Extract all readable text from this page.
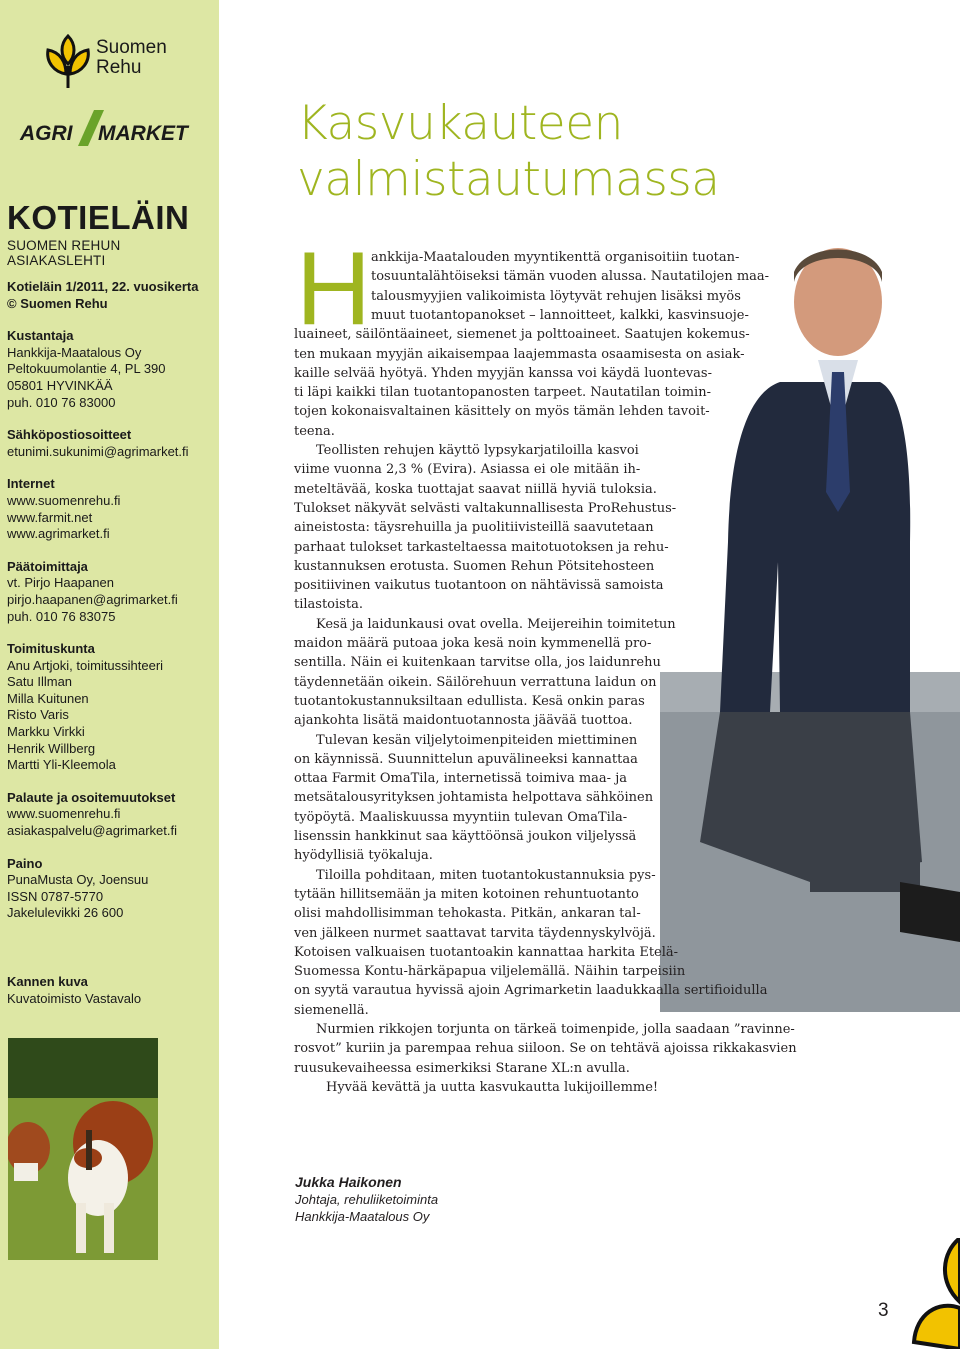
Suomen
Rehu
AGRI MARKET
KOTIELÄIN
SUOMEN REHUN ASIAKASLEHTI
Kotieläin 1/2011, 22. vuosikerta
© Suomen Rehu
Kustantaja
Hankkija-Maatalous Oy
Peltokuumolantie 4, PL 390
05801 HYVINKÄÄ
puh. 010 76 83000
Sähköpostiosoitteet
etunimi.sukunimi@agrimarket.fi
Internet
www.suomenrehu.fi
www.farmit.net
www.agrimarket.fi
Päätoimittaja
vt. Pirjo Haapanen
pirjo.haapanen@agrimarket.fi
puh. 010 76 83075
Toimituskunta
Anu Artjoki, toimitussihteeri
Satu Illman
Milla Kuitunen
Risto Varis
Markku Virkki
Henrik Willberg
Martti Yli-Kleemola
Palaute ja osoitemuutokset
www.suomenrehu.fi
asiakaspalvelu@agrimarket.fi
Paino
PunaMusta Oy, Joensuu
ISSN 0787-5770
Jakelulevikki 26 600
Kannen kuva
Kuvatoimisto Vastavalo
Kasvukauteen
valmistautumassa
H ankkija-Maatalouden myyntikenttä organisoitiin tuotan-
tosuuntalähtöiseksi tämän vuoden alussa. Nautatilojen maa-
talousmyyjien valikoimista löytyvät rehujen lisäksi myös
muut tuotantopanokset – lannoitteet, kalkki, kasvinsuoje-
luaineet, säilöntäaineet, siemenet ja polttoaineet. Saatujen kokemus-
ten mukaan myyjän aikaisempaa laajemmasta osaamisesta on asiak-
kaille selvää hyötyä. Yhden myyjän kanssa voi käydä luontevas-
ti läpi kaikki tilan tuotantopanosten tarpeet. Nautatilan toimin-
tojen kokonaisvaltainen käsittely on myös tämän lehden tavoit-
teena.
Teollisten rehujen käyttö lypsykarjatiloilla kasvoi
viime vuonna 2,3 % (Evira). Asiassa ei ole mitään ih-
meteltävää, koska tuottajat saavat niillä hyviä tuloksia.
Tulokset näkyvät selvästi valtakunnallisesta ProRehustus-
aineistosta: täysrehuilla ja puolitiivisteillä saavutetaan
parhaat tulokset tarkasteltaessa maitotuotoksen ja rehu-
kustannuksen erotusta. Suomen Rehun Pötsitehosteen
positiivinen vaikutus tuotantoon on nähtävissä samoista
tilastoista.
Kesä ja laidunkausi ovat ovella. Meijereihin toimitetun
maidon määrä putoaa joka kesä noin kymmenellä pro-
sentilla. Näin ei kuitenkaan tarvitse olla, jos laidunrehu
täydennetään oikein. Säilörehuun verrattuna laidun on
tuotantokustannuksiltaan edullista. Kesä onkin paras
ajankohta lisätä maidontuotannosta jäävää tuottoa.
Tulevan kesän viljelytoimenpiteiden miettiminen
on käynnissä. Suunnittelun apuvälineeksi kannattaa
ottaa Farmit OmaTila, internetissä toimiva maa- ja
metsätalousyrityksen johtamista helpottava sähköinen
työpöytä. Maaliskuussa myyntiin tulevan OmaTila-
lisenssin hankkinut saa käyttöönsä joukon viljelyssä
hyödyllisiä työkaluja.
Tiloilla pohditaan, miten tuotantokustannuksia pys-
tytään hillitsemään ja miten kotoinen rehuntuotanto
olisi mahdollisimman tehokasta. Pitkän, ankaran tal-
ven jälkeen nurmet saattavat tarvita täydennyskylvöjä.
Kotoisen valkuaisen tuotantoakin kannattaa harkita Etelä-
Suomessa Kontu-härkäpapua viljelemällä. Näihin tarpeisiin
on syytä varautua hyvissä ajoin Agrimarketin laadukkaalla sertifioidulla
siemenellä.
Nurmien rikkojen torjunta on tärkeä toimenpide, jolla saadaan ”ravinne-
rosvot” kuriin ja parempaa rehua siiloon. Se on tehtävä ajoissa rikkakasvien
ruusukevaiheessa esimerkiksi Starane XL:n avulla.
Hyvää kevättä ja uutta kasvukautta lukijoillemme!
Jukka Haikonen
Johtaja, rehuliiketoiminta
Hankkija-Maatalous Oy
3
